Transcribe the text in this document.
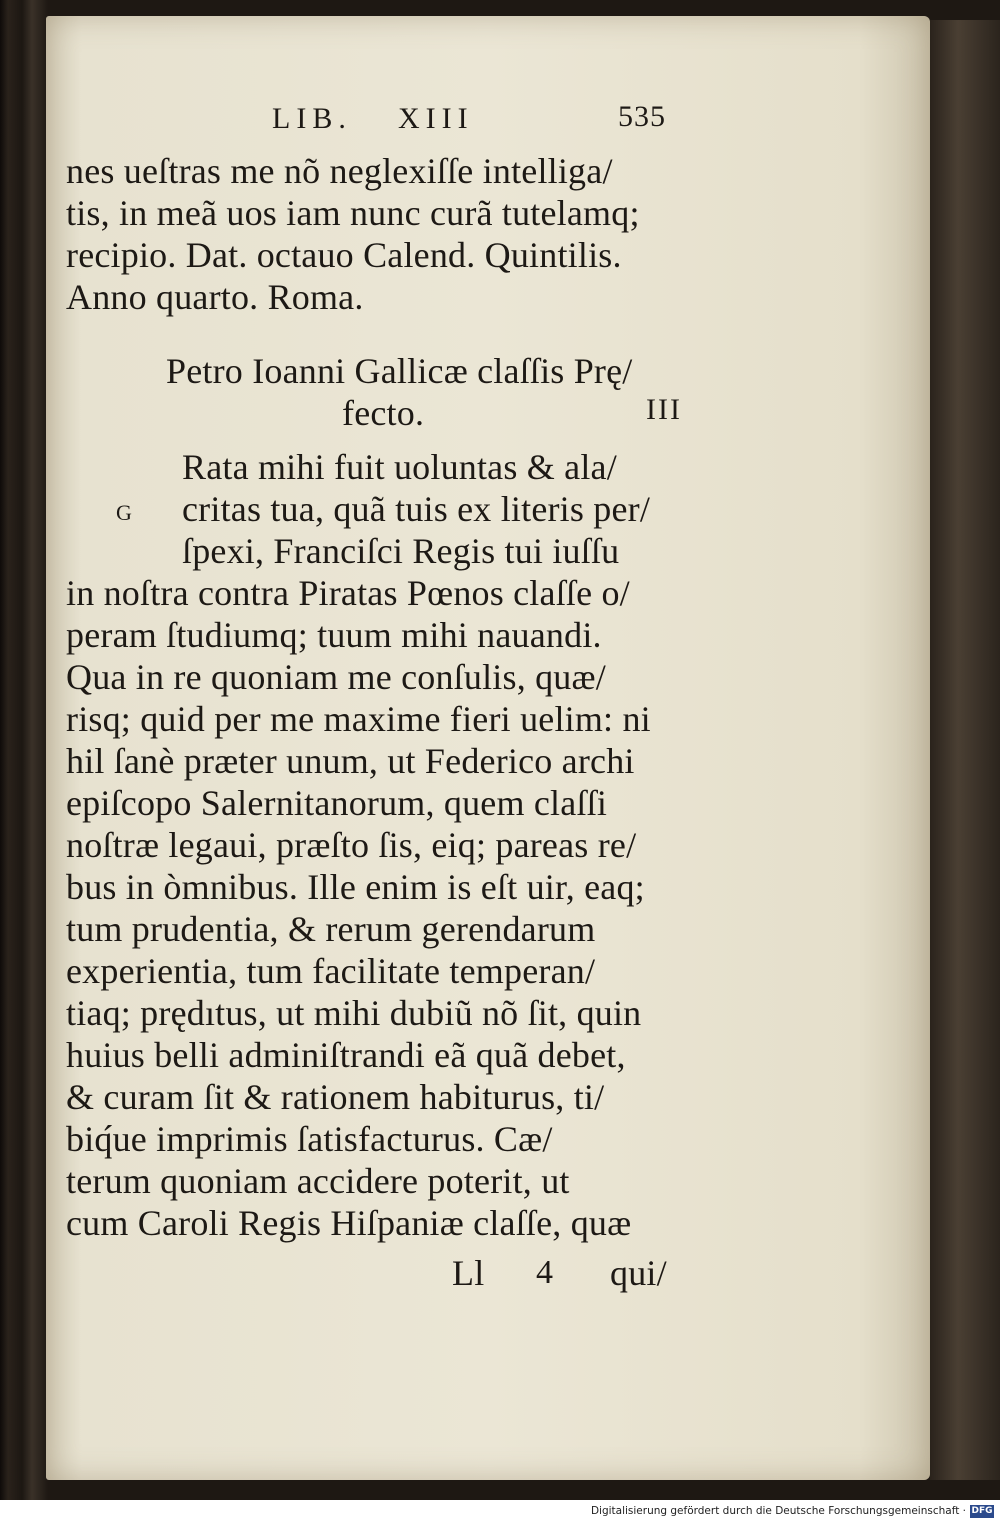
LIB. XIII	535
nes ueſtras me nõ neglexiſſe intelliga/
tis, in meã uos iam nunc curã tutelamq;
recipio. Dat. octauo Calend. Quintilis.
Anno quarto. Roma.
Petro Ioanni Gallicæ claſſis Prę/
fecto.	III
G
Rata mihi fuit uoluntas & ala/
critas tua, quã tuis ex literis per/
ſpexi, Franciſci Regis tui iuſſu
in noſtra contra Piratas Pœnos claſſe o/
peram ſtudiumq; tuum mihi nauandi.
Qua in re quoniam me conſulis, quæ/
risq; quid per me maxime fieri uelim: ni
hil ſanè præter unum, ut Federico archi
epiſcopo Salernitanorum, quem claſſi
noſtræ legaui, præſto ſis, eiq; pareas re/
bus in òmnibus. Ille enim is eſt uir, eaq;
tum prudentia, & rerum gerendarum
experientia, tum facilitate temperan/
tiaq; prędıtus, ut mihi dubiũ nõ ſit, quin
huius belli adminiſtrandi eã quã debet,
& curam ſit & rationem habiturus, ti/
biq́ue imprimis ſatisfacturus. Cæ/
terum quoniam accidere poterit, ut
cum Caroli Regis Hiſpaniæ claſſe, quæ
Ll 4 qui/
Digitalisierung gefördert durch die Deutsche Forschungsgemeinschaft · DFG
